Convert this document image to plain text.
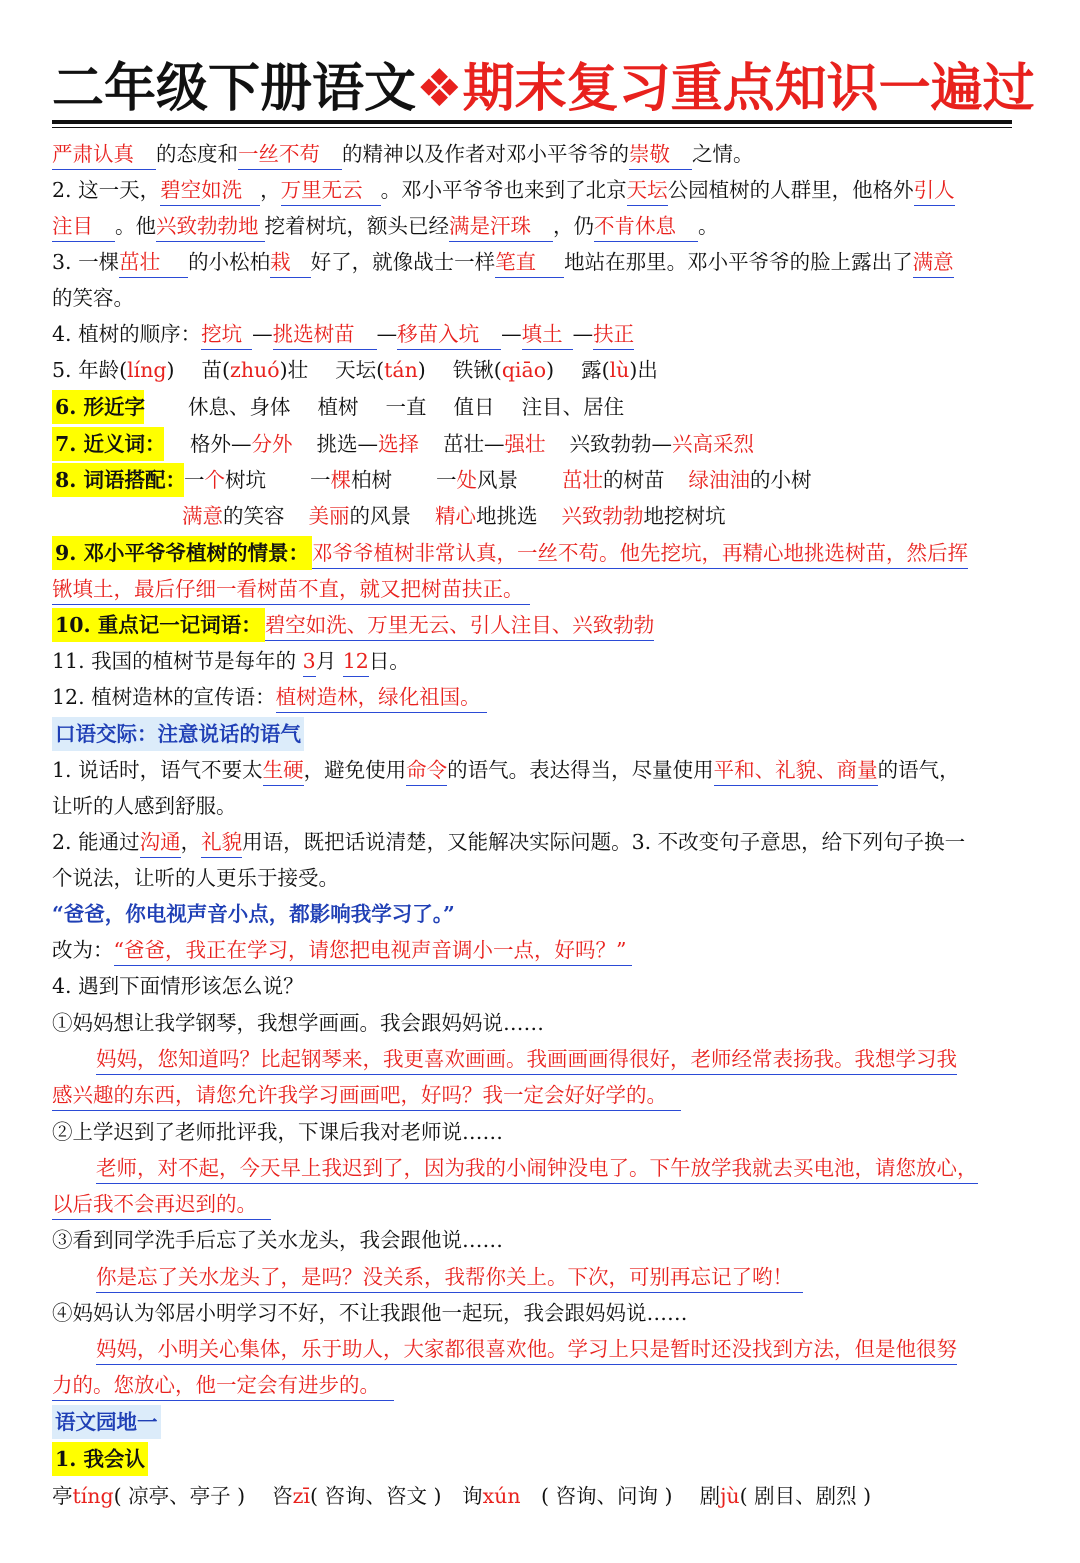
二年级下册语文❖期末复习重点知识一遍过
严肃认真 的态度和一丝不苟 的精神以及作者对邓小平爷爷的崇敬 之情。
2. 这一天，碧空如洗 ，万里无云 。邓小平爷爷也来到了北京天坛公园植树的人群里，他格外引人
注目 。他兴致勃勃地 挖着树坑，额头已经满是汗珠 ，仍不肯休息 。
3. 一棵茁壮 的小松柏栽 好了，就像战士一样笔直 地站在那里。邓小平爷爷的脸上露出了满意
的笑容。
4. 植树的顺序：挖坑 —挑选树苗 —移苗入坑 —填土 —扶正
5. 年龄(líng)　 苗(zhuó)壮　 天坛(tán)　 铁锹(qiāo)　 露(lù)出
6. 形近字 休息、身体　 植树　 一直　 值日　 注目、居住
7. 近义词： 格外—分外 挑选—选择 茁壮—强壮 兴致勃勃—兴高采烈
8. 词语搭配：一个树坑 一棵柏树 一处风景 茁壮的树苗 绿油油的小树
满意的笑容 美丽的风景 精心地挑选 兴致勃勃地挖树坑
9. 邓小平爷爷植树的情景： 邓爷爷植树非常认真，一丝不苟。他先挖坑，再精心地挑选树苗，然后挥
锹填土，最后仔细一看树苗不直，就又把树苗扶正。
10. 重点记一记词语： 碧空如洗、万里无云、引人注目、兴致勃勃
11. 我国的植树节是每年的 3月 12日。
12. 植树造林的宣传语：植树造林，绿化祖国。
口语交际：注意说话的语气
1. 说话时，语气不要太生硬，避免使用命令的语气。表达得当，尽量使用平和、礼貌、商量的语气，
让听的人感到舒服。
2. 能通过沟通，礼貌用语，既把话说清楚，又能解决实际问题。3. 不改变句子意思，给下列句子换一
个说法，让听的人更乐于接受。
“爸爸，你电视声音小点，都影响我学习了。”
改为：“爸爸，我正在学习，请您把电视声音调小一点，好吗？”
4. 遇到下面情形该怎么说？
①妈妈想让我学钢琴，我想学画画。我会跟妈妈说……
妈妈，您知道吗？比起钢琴来，我更喜欢画画。我画画画得很好，老师经常表扬我。我想学习我
感兴趣的东西，请您允许我学习画画吧，好吗？我一定会好好学的。
②上学迟到了老师批评我，下课后我对老师说……
老师，对不起，今天早上我迟到了，因为我的小闹钟没电了。下午放学我就去买电池，请您放心，
以后我不会再迟到的。
③看到同学洗手后忘了关水龙头，我会跟他说……
你是忘了关水龙头了，是吗？没关系，我帮你关上。下次，可别再忘记了哟！
④妈妈认为邻居小明学习不好，不让我跟他一起玩，我会跟妈妈说……
妈妈，小明关心集体，乐于助人，大家都很喜欢他。学习上只是暂时还没找到方法，但是他很努
力的。您放心，他一定会有进步的。
语文园地一
1. 我会认
亭tíng( 凉亭、亭子 )　 咨zī( 咨询、咨文 )　询xún　( 咨询、问询 )　 剧jù( 剧目、剧烈 )
